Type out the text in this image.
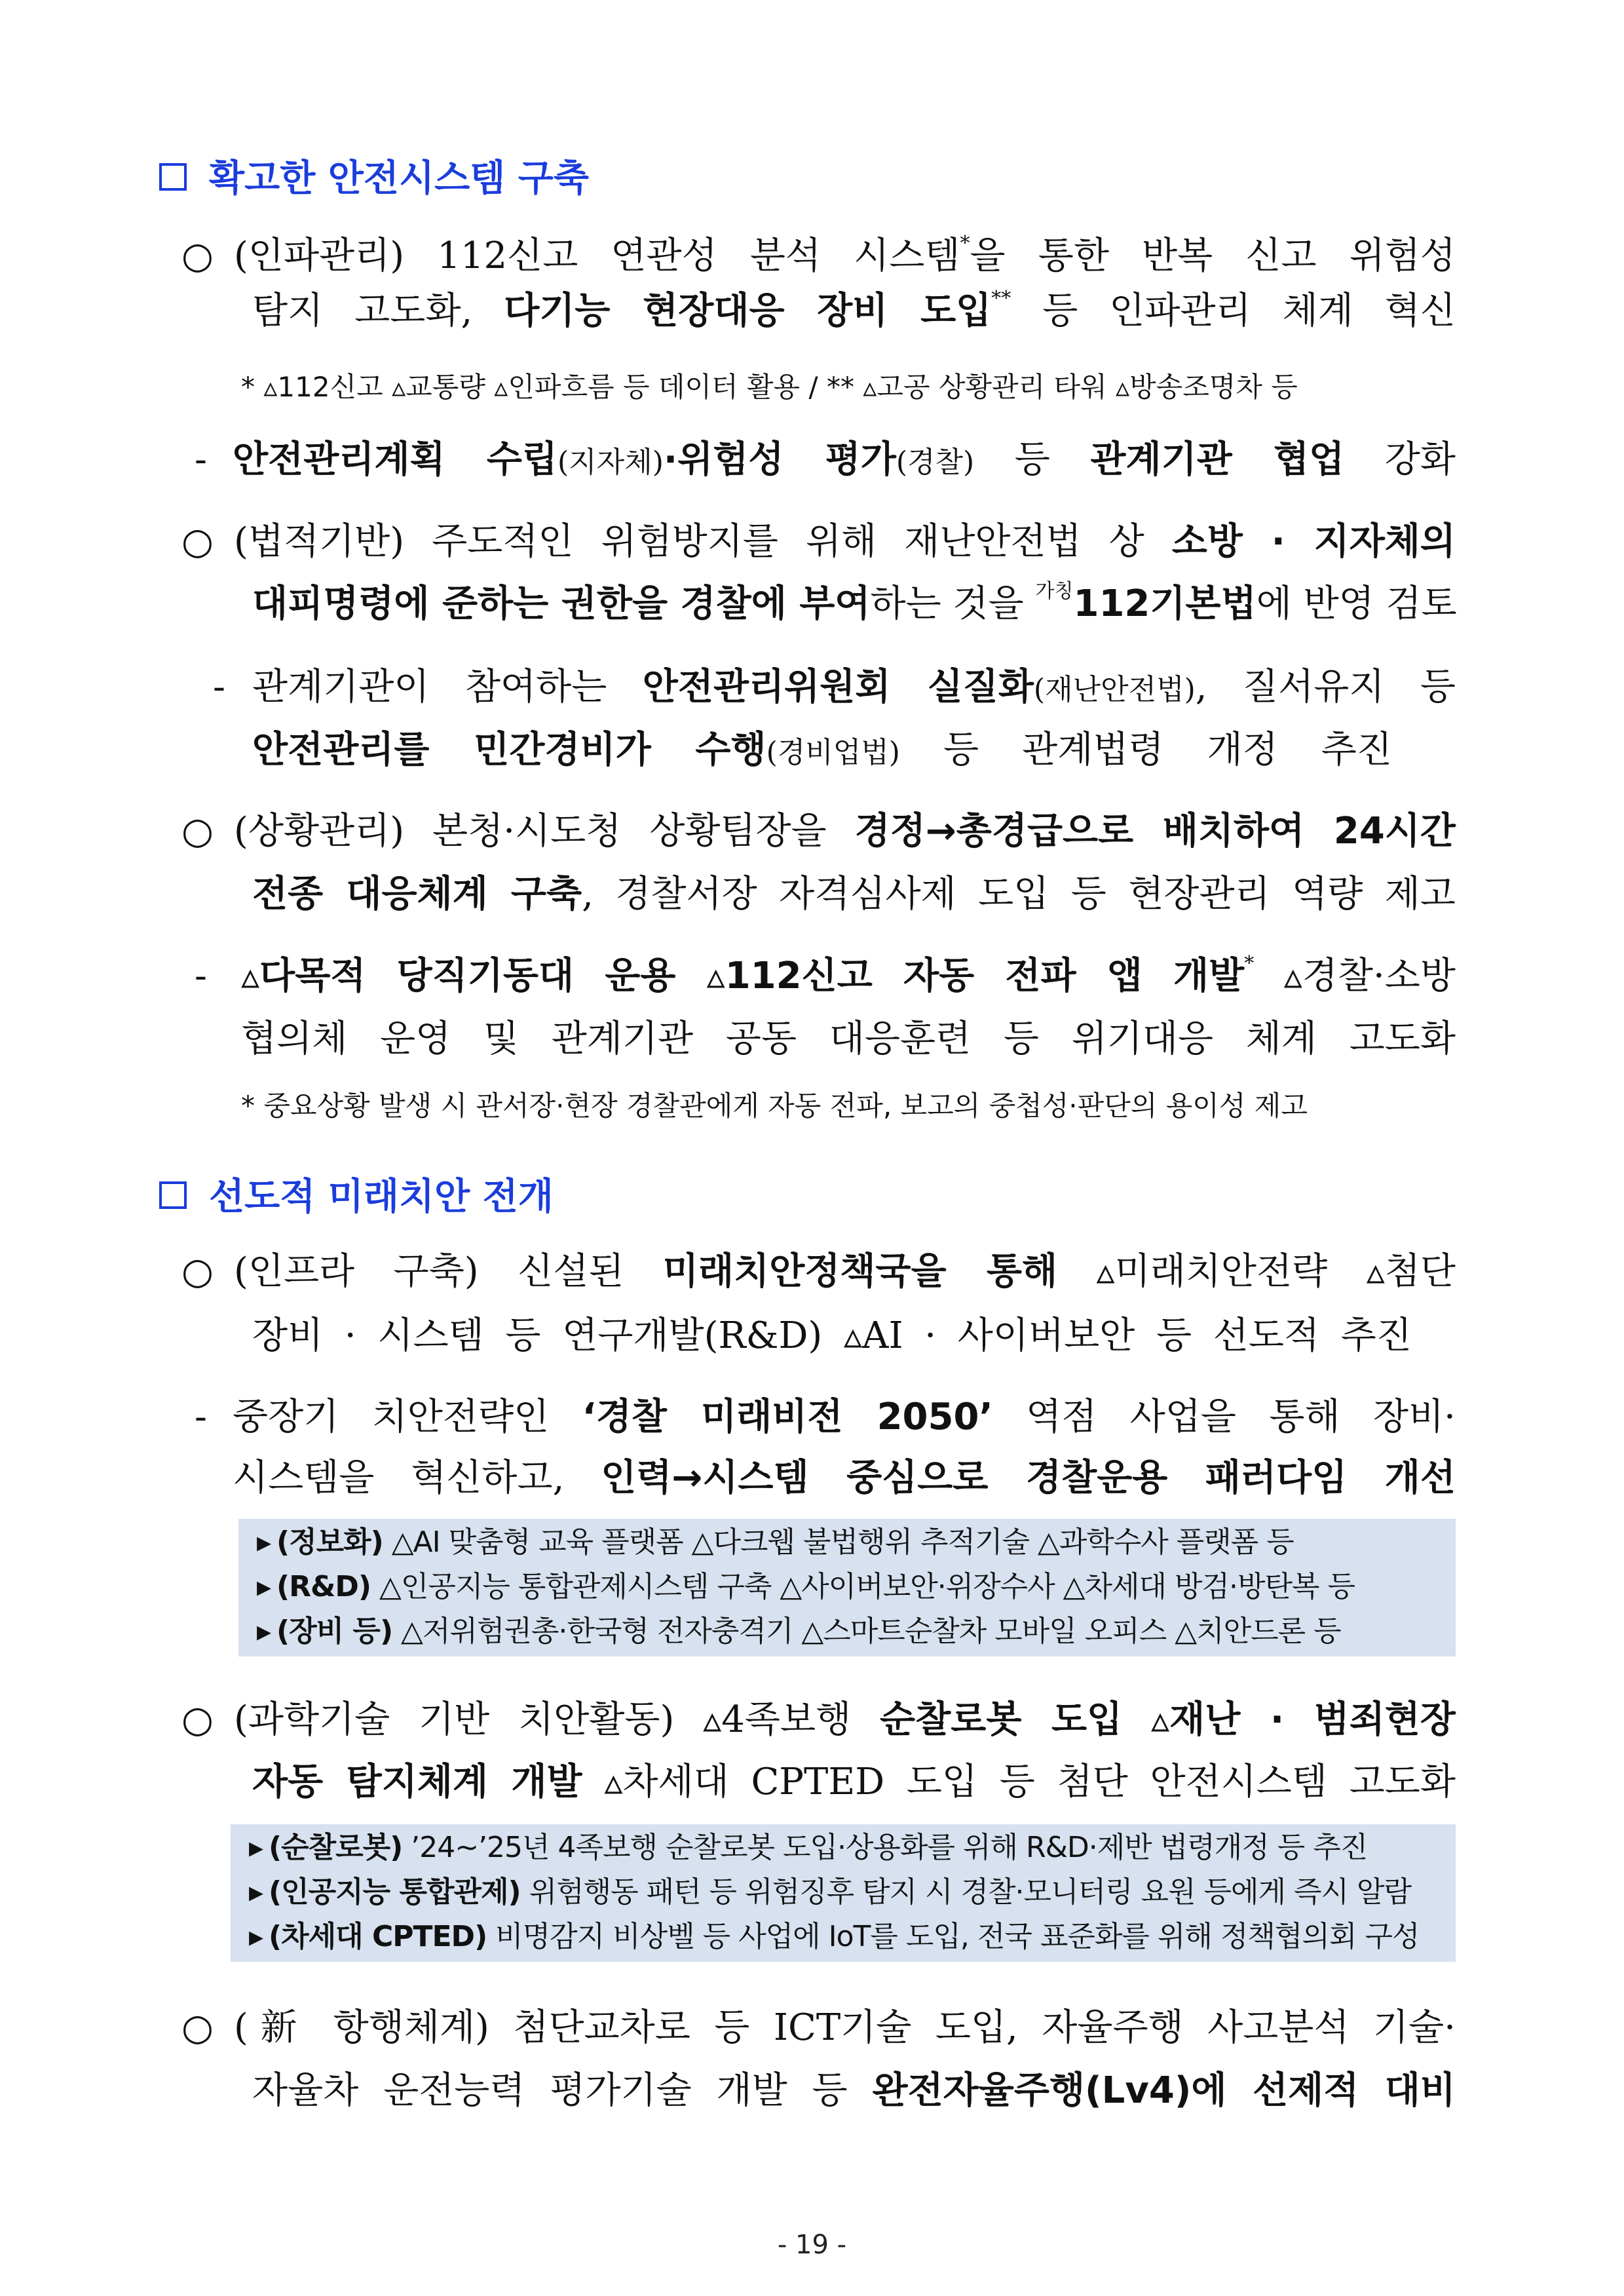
확고한 안전시스템 구축
○ (인파관리) 112신고 연관성 분석 시스템*을 통한 반복 신고 위험성
탐지 고도화, 다기능 현장대응 장비 도입** 등 인파관리 체계 혁신
* ▵112신고 ▵교통량 ▵인파흐름 등 데이터 활용 / ** ▵고공 상황관리 타워 ▵방송조명차 등
- 안전관리계획 수립(지자체)·위험성 평가(경찰) 등 관계기관 협업 강화
○ (법적기반) 주도적인 위험방지를 위해 재난안전법 상 소방 · 지자체의
대피명령에 준하는 권한을 경찰에 부여하는 것을 $^{가칭}$112기본법에 반영 검토
- 관계기관이 참여하는 안전관리위원회 실질화(재난안전법), 질서유지 등
안전관리를 민간경비가 수행(경비업법) 등 관계법령 개정 추진
○ (상황관리) 본청·시도청 상황팀장을 경정→총경급으로 배치하여 24시간
전종 대응체계 구축, 경찰서장 자격심사제 도입 등 현장관리 역량 제고
- ▵다목적 당직기동대 운용 ▵112신고 자동 전파 앱 개발* ▵경찰·소방
협의체 운영 및 관계기관 공동 대응훈련 등 위기대응 체계 고도화
* 중요상황 발생 시 관서장·현장 경찰관에게 자동 전파, 보고의 중첩성·판단의 용이성 제고
선도적 미래치안 전개
○ (인프라 구축) 신설된 미래치안정책국을 통해 ▵미래치안전략 ▵첨단
장비 · 시스템 등 연구개발(R&D) ▵AI · 사이버보안 등 선도적 추진
- 중장기 치안전략인 ‘경찰 미래비전 2050’ 역점 사업을 통해 장비·
시스템을 혁신하고, 인력→시스템 중심으로 경찰운용 패러다임 개선
▸ (정보화) △AI 맞춤형 교육 플랫폼 △다크웹 불법행위 추적기술 △과학수사 플랫폼 등
▸ (R&D) △인공지능 통합관제시스템 구축 △사이버보안·위장수사 △차세대 방검·방탄복 등
▸ (장비 등) △저위험권총·한국형 전자충격기 △스마트순찰차 모바일 오피스 △치안드론 등
○ (과학기술 기반 치안활동) ▵4족보행 순찰로봇 도입 ▵재난 · 범죄현장
자동 탐지체계 개발 ▵차세대 CPTED 도입 등 첨단 안전시스템 고도화
▸ (순찰로봇) ’24∼’25년 4족보행 순찰로봇 도입·상용화를 위해 R&D·제반 법령개정 등 추진
▸ (인공지능 통합관제) 위험행동 패턴 등 위험징후 탐지 시 경찰·모니터링 요원 등에게 즉시 알람
▸ (차세대 CPTED) 비명감지 비상벨 등 사업에 IoT를 도입, 전국 표준화를 위해 정책협의회 구성
○ (新 항행체계) 첨단교차로 등 ICT기술 도입, 자율주행 사고분석 기술·
자율차 운전능력 평가기술 개발 등 완전자율주행(Lv4)에 선제적 대비
- 19 -
